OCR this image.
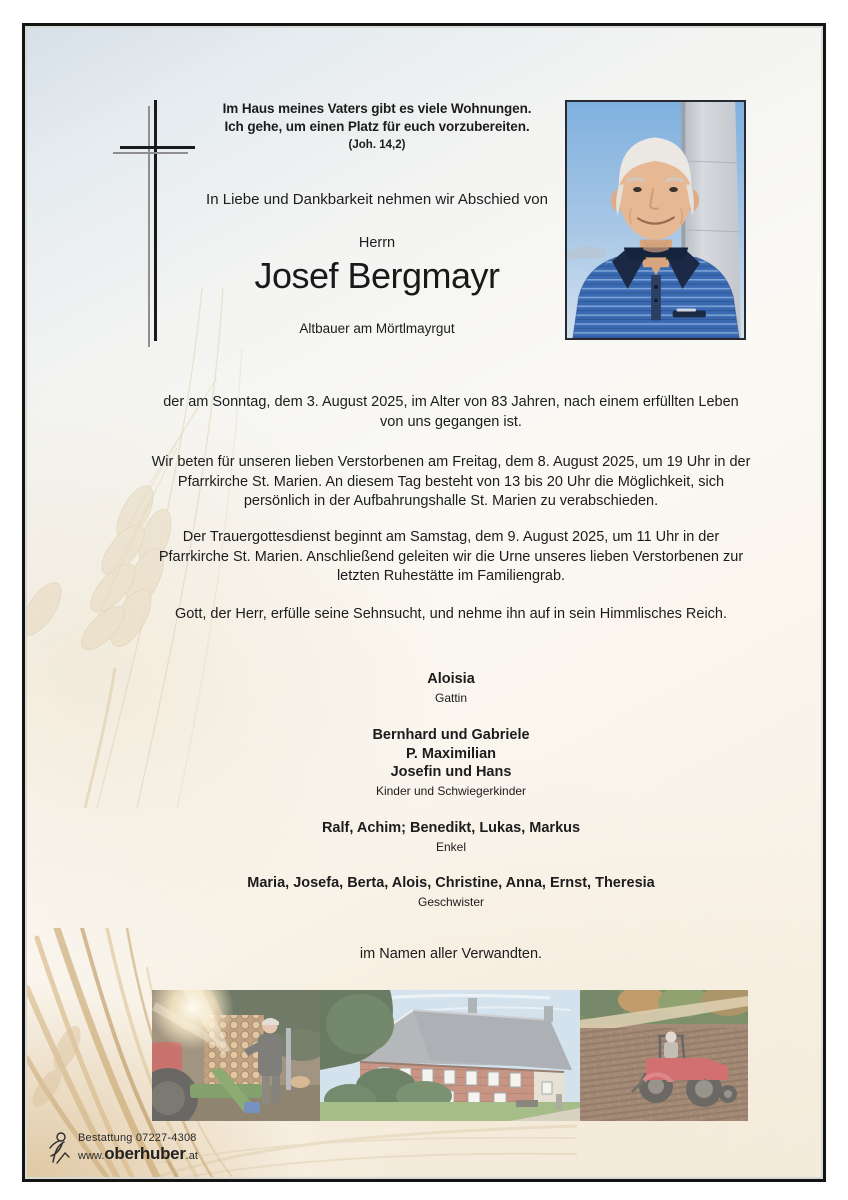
Im Haus meines Vaters gibt es viele Wohnungen.
Ich gehe, um einen Platz für euch vorzubereiten.
(Joh. 14,2)
In Liebe und Dankbarkeit nehmen wir Abschied von
Herrn
Josef Bergmayr
Altbauer am Mörtlmayrgut
der am Sonntag, dem 3. August 2025, im Alter von 83 Jahren, nach einem erfüllten Leben von uns gegangen ist.
Wir beten für unseren lieben Verstorbenen am Freitag, dem 8. August 2025, um 19 Uhr in der Pfarrkirche St. Marien. An diesem Tag besteht von 13 bis 20 Uhr die Möglichkeit, sich persönlich in der Aufbahrungshalle St. Marien zu verabschieden.
Der Trauergottesdienst beginnt am Samstag, dem 9. August 2025, um 11 Uhr in der Pfarrkirche St. Marien. Anschließend geleiten wir die Urne unseres lieben Verstorbenen zur letzten Ruhestätte im Familiengrab.
Gott, der Herr, erfülle seine Sehnsucht, und nehme ihn auf in sein Himmlisches Reich.
Aloisia
Gattin
Bernhard und Gabriele
P. Maximilian
Josefin und Hans
Kinder und Schwiegerkinder
Ralf, Achim; Benedikt, Lukas, Markus
Enkel
Maria, Josefa, Berta, Alois, Christine, Anna, Ernst, Theresia
Geschwister
im Namen aller Verwandten.
Bestattung 07227-4308
www. oberhuber .at
